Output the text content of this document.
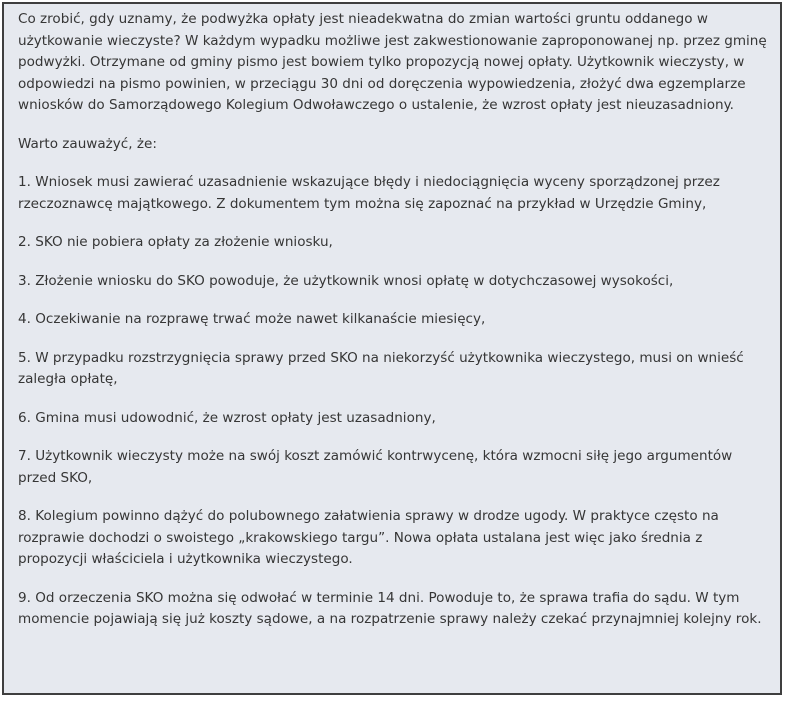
Co zrobić, gdy uznamy, że podwyżka opłaty jest nieadekwatna do zmian wartości gruntu oddanego w użytkowanie wieczyste? W każdym wypadku możliwe jest zakwestionowanie zaproponowanej np. przez gminę podwyżki. Otrzymane od gminy pismo jest bowiem tylko propozycją nowej opłaty. Użytkownik wieczysty, w odpowiedzi na pismo powinien, w przeciągu 30 dni od doręczenia wypowiedzenia, złożyć dwa egzemplarze wniosków do Samorządowego Kolegium Odwoławczego o ustalenie, że wzrost opłaty jest nieuzasadniony.

Warto zauważyć, że:

1. Wniosek musi zawierać uzasadnienie wskazujące błędy i niedociągnięcia wyceny sporządzonej przez rzeczoznawcę majątkowego. Z dokumentem tym można się zapoznać na przykład w Urzędzie Gminy,

2. SKO nie pobiera opłaty za złożenie wniosku,

3. Złożenie wniosku do SKO powoduje, że użytkownik wnosi opłatę w dotychczasowej wysokości,

4. Oczekiwanie na rozprawę trwać może nawet kilkanaście miesięcy,

5. W przypadku rozstrzygnięcia sprawy przed SKO na niekorzyść użytkownika wieczystego, musi on wnieść zaległa opłatę,

6. Gmina musi udowodnić, że wzrost opłaty jest uzasadniony,

7. Użytkownik wieczysty może na swój koszt zamówić kontrwycenę, która wzmocni siłę jego argumentów przed SKO,

8. Kolegium powinno dążyć do polubownego załatwienia sprawy w drodze ugody. W praktyce często na rozprawie dochodzi o swoistego „krakowskiego targu”. Nowa opłata ustalana jest więc jako średnia z propozycji właściciela i użytkownika wieczystego.

9. Od orzeczenia SKO można się odwołać w terminie 14 dni. Powoduje to, że sprawa trafia do sądu. W tym momencie pojawiają się już koszty sądowe, a na rozpatrzenie sprawy należy czekać przynajmniej kolejny rok.
